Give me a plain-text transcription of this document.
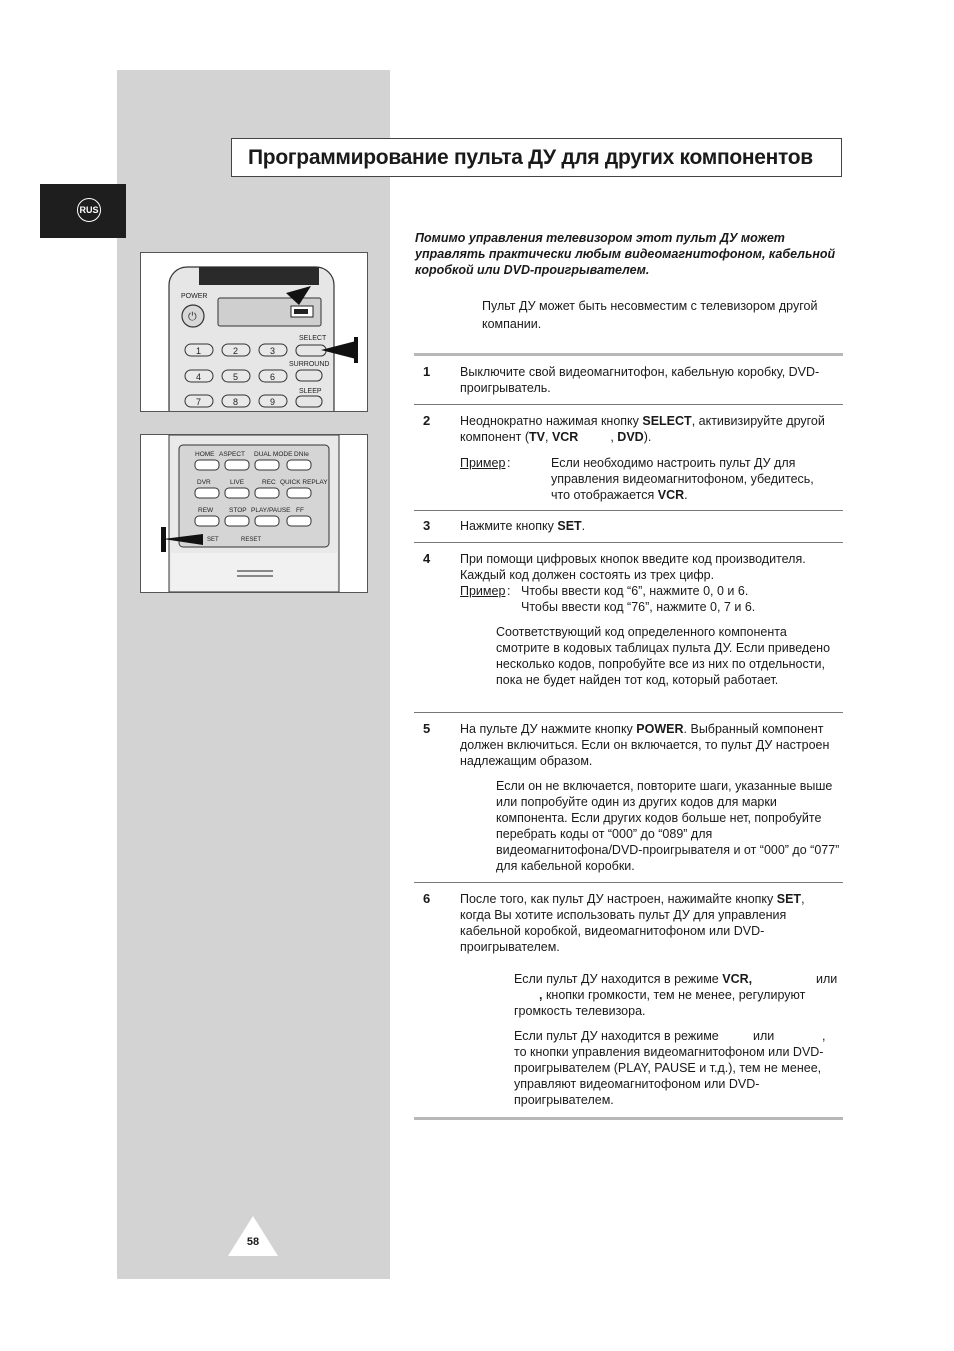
RUS
Программирование пульта ДУ для других компонентов
POWER
⏻
SELECT
SURROUND
SLEEP
1	2	3
4	5	6
7	8	9
HOME ASPECT DUAL MODE DNIe
DVR	LIVE	REC QUICK REPLAY
REW STOP PLAY/PAUSE FF
SET	RESET
Помимо управления телевизором этот пульт ДУ может управлять практически любым видеомагнитофоном, кабельной коробкой или DVD-проигрывателем.
Пульт ДУ может быть несовместим с телевизором другой компании.
1 Выключите свой видеомагнитофон, кабельную коробку, DVD-проигрыватель.
2 Неоднократно нажимая кнопку SELECT, активизируйте другой компонент (TV, VCR	, DVD).
Пример :	Если необходимо настроить пульт ДУ для управления видеомагнитофоном, убедитесь, что отображается VCR.
3 Нажмите кнопку SET.
4 При помощи цифровых кнопок введите код производителя. Каждый код должен состоять из трех цифр.
Пример : Чтобы ввести код “6”, нажмите 0, 0 и 6.
Чтобы ввести код “76”, нажмите 0, 7 и 6.
Соответствующий код определенного компонента смотрите в кодовых таблицах пульта ДУ. Если приведено несколько кодов, попробуйте все из них по отдельности, пока не будет найден тот код, который работает.
5 На пульте ДУ нажмите кнопку POWER. Выбранный компонент должен включиться. Если он включается, то пульт ДУ настроен надлежащим образом.
Если он не включается, повторите шаги, указанные выше или попробуйте один из других кодов для марки компонента. Если других кодов больше нет, попробуйте перебрать коды от “000” до “089” для видеомагнитофона/DVD-проигрывателя и от “000” до “077” для кабельной коробки.
6 После того, как пульт ДУ настроен, нажимайте кнопку SET, когда Вы хотите использовать пульт ДУ для управления кабельной коробкой, видеомагнитофоном или DVD-проигрывателем.
Если пульт ДУ находится в режиме VCR,	или
, кнопки громкости, тем не менее, регулируют громкость телевизора.
Если пульт ДУ находится в режиме	или	,
то кнопки управления видеомагнитофоном или DVD-проигрывателем (PLAY, PAUSE и т.д.), тем не менее, управляют видеомагнитофоном или DVD-проигрывателем.
58
